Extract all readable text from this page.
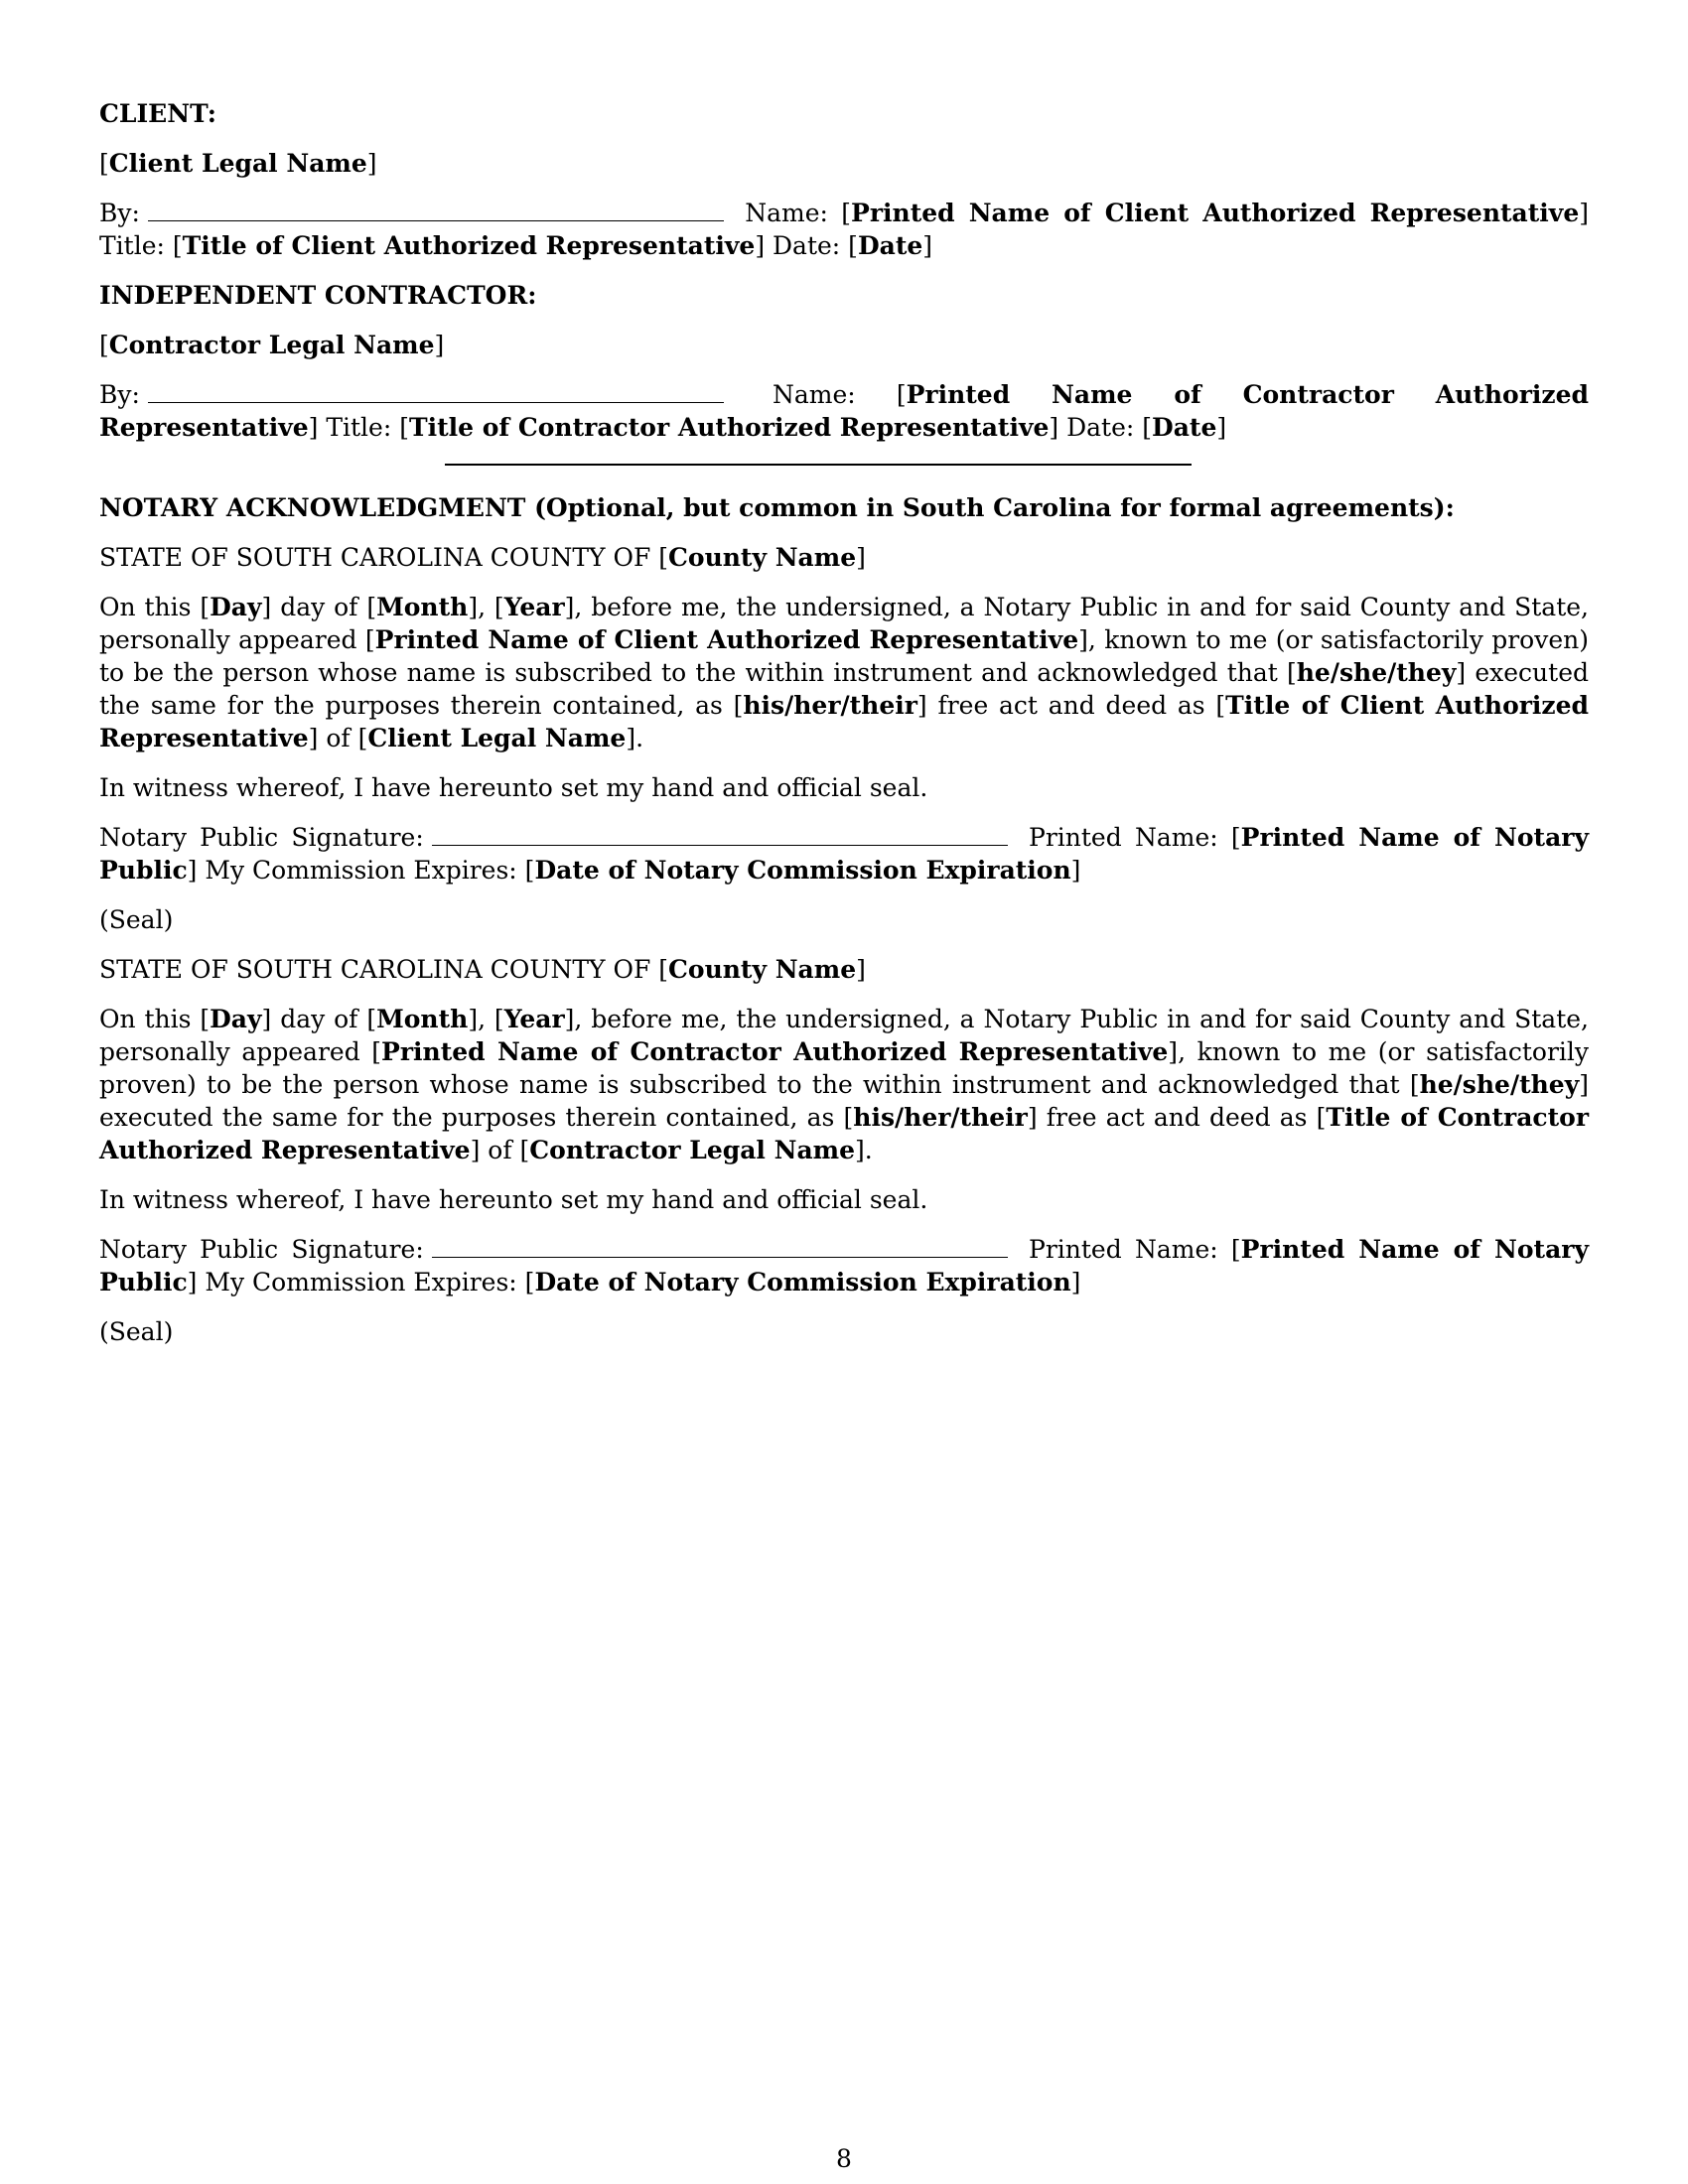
CLIENT:

[Client Legal Name]

By:	Name: [Printed Name of Client Authorized Representative] Title: [Title of Client Authorized Representative] Date: [Date]

INDEPENDENT CONTRACTOR:

[Contractor Legal Name]

By:	Name: [Printed Name of Contractor Authorized Representative] Title: [Title of Contractor Authorized Representative] Date: [Date]

NOTARY ACKNOWLEDGMENT (Optional, but common in South Carolina for formal agreements):

STATE OF SOUTH CAROLINA COUNTY OF [County Name]

On this [Day] day of [Month], [Year], before me, the undersigned, a Notary Public in and for said County and State, personally appeared [Printed Name of Client Authorized Representative], known to me (or satisfactorily proven) to be the person whose name is subscribed to the within instrument and acknowledged that [he/she/they] executed the same for the purposes therein contained, as [his/her/their] free act and deed as [Title of Client Authorized Representative] of [Client Legal Name].

In witness whereof, I have hereunto set my hand and official seal.

Notary Public Signature:	Printed Name: [Printed Name of Notary Public] My Commission Expires: [Date of Notary Commission Expiration]

(Seal)

STATE OF SOUTH CAROLINA COUNTY OF [County Name]

On this [Day] day of [Month], [Year], before me, the undersigned, a Notary Public in and for said County and State, personally appeared [Printed Name of Contractor Authorized Representative], known to me (or satisfactorily proven) to be the person whose name is subscribed to the within instrument and acknowledged that [he/she/they] executed the same for the purposes therein contained, as [his/her/their] free act and deed as [Title of Contractor Authorized Representative] of [Contractor Legal Name].

In witness whereof, I have hereunto set my hand and official seal.

Notary Public Signature:	Printed Name: [Printed Name of Notary Public] My Commission Expires: [Date of Notary Commission Expiration]

(Seal)

8
